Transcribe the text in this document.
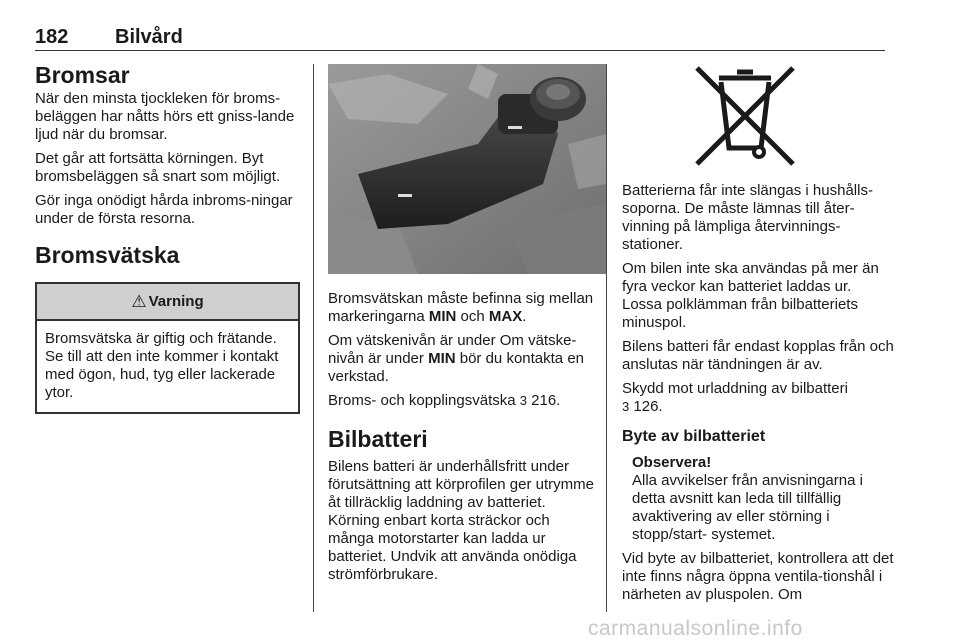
182 Bilvård
Bromsar

När den minsta tjockleken för broms-beläggen har nåtts hörs ett gniss-lande ljud när du bromsar.

Det går att fortsätta körningen. Byt bromsbeläggen så snart som möjligt.

Gör inga onödigt hårda inbroms-ningar under de första resorna.

Bromsvätska
⚠ Varning
Bromsvätska är giftig och frätande. Se till att den inte kommer i kontakt med ögon, hud, tyg eller lackerade ytor.

Bromsvätskan måste befinna sig mellan markeringarna MIN och MAX.

Om vätskenivån är under Om vätske-nivån är under MIN bör du kontakta en verkstad.

Broms- och kopplingsvätska 3 216.

Bilbatteri

Bilens batteri är underhållsfritt under förutsättning att körprofilen ger utrymme åt tillräcklig laddning av batteriet. Körning enbart korta sträckor och många motorstarter kan ladda ur batteriet. Undvik att använda onödiga strömförbrukare.

Batterierna får inte slängas i hushålls-soporna. De måste lämnas till åter-vinning på lämpliga återvinnings-stationer.

Om bilen inte ska användas på mer än fyra veckor kan batteriet laddas ur. Lossa polklämman från bilbatteriets minuspol.

Bilens batteri får endast kopplas från och anslutas när tändningen är av.

Skydd mot urladdning av bilbatteri
3 126.

Byte av bilbatteriet
Observera!

Alla avvikelser från anvisningarna i detta avsnitt kan leda till tillfällig avaktivering av eller störning i stopp/start- systemet.

Vid byte av bilbatteriet, kontrollera att det inte finns några öppna ventila-tionshål i närheten av pluspolen. Om

carmanualsonline.info
